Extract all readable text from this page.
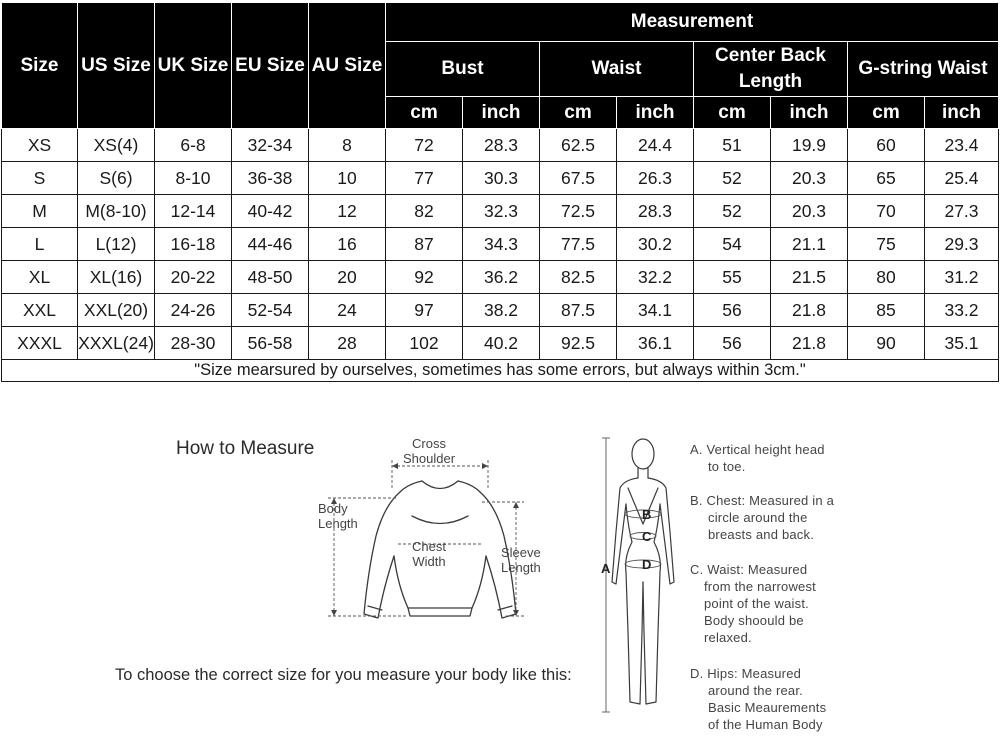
Size	US Size	UK Size	EU Size	AU Size	Measurement							
					Bust		Waist		Center Back Length		G-string Waist	
					cm	inch	cm	inch	cm	inch	cm	inch
XS	XS(4)	6-8	32-34	8	72	28.3	62.5	24.4	51	19.9	60	23.4
S	S(6)	8-10	36-38	10	77	30.3	67.5	26.3	52	20.3	65	25.4
M	M(8-10)	12-14	40-42	12	82	32.3	72.5	28.3	52	20.3	70	27.3
L	L(12)	16-18	44-46	16	87	34.3	77.5	30.2	54	21.1	75	29.3
XL	XL(16)	20-22	48-50	20	92	36.2	82.5	32.2	55	21.5	80	31.2
XXL	XXL(20)	24-26	52-54	24	97	38.2	87.5	34.1	56	21.8	85	33.2
XXXL	XXXL(24)	28-30	56-58	28	102	40.2	92.5	36.1	56	21.8	90	35.1
"Size mearsured by ourselves, sometimes has some errors, but always within 3cm."												
How to Measure	Cross
Shoulder
Body
Length
Chest
Width
Sleeve
Length
To choose the correct size for you measure your body like this:
A
B
C
D
A. Vertical height head
to toe.
B. Chest: Measured in a
circle around the
breasts and back.
C. Waist: Measured
from the narrowest
point of the waist.
Body shoould be
relaxed.
D. Hips: Measured
around the rear.
Basic Meaurements
of the Human Body
